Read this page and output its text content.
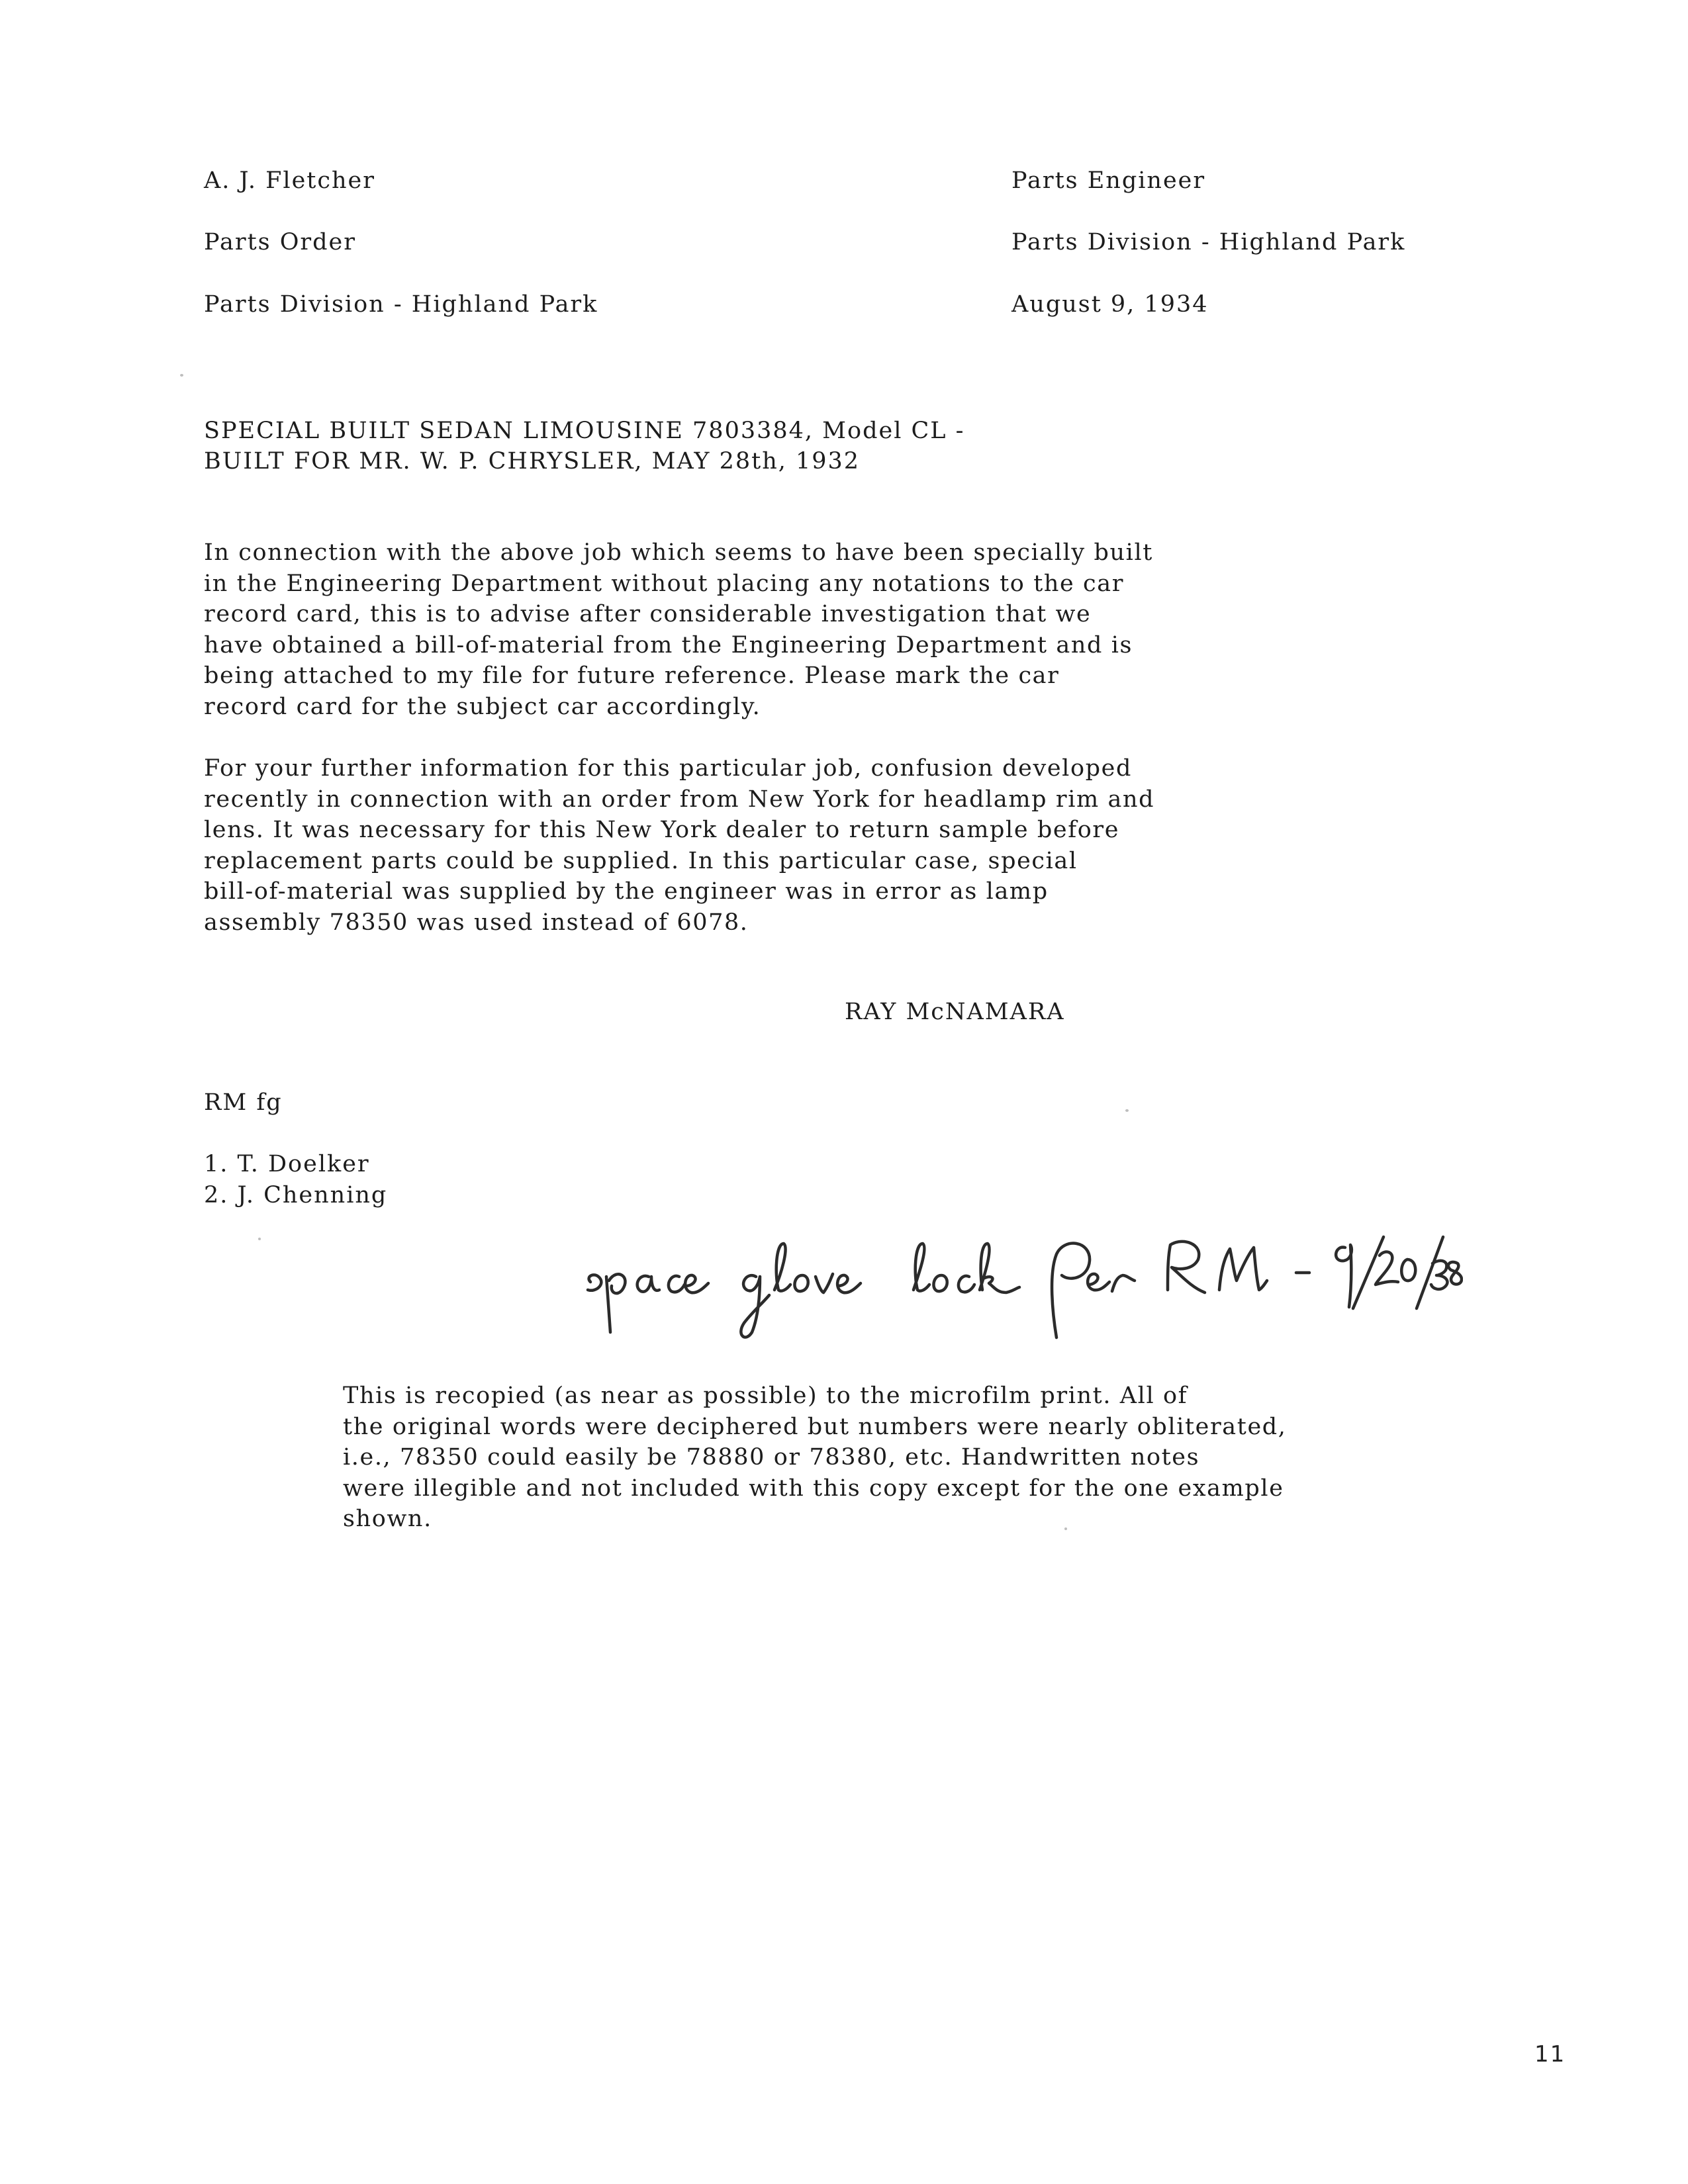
A. J. Fletcher

Parts Order

Parts Division - Highland Park

Parts Engineer

Parts Division - Highland Park

August 9, 1934

SPECIAL BUILT SEDAN LIMOUSINE 7803384, Model CL -

BUILT FOR MR. W. P. CHRYSLER, MAY 28th, 1932

In connection with the above job which seems to have been specially built
in the Engineering Department without placing any notations to the car
record card, this is to advise after considerable investigation that we
have obtained a bill-of-material from the Engineering Department and is
being attached to my file for future reference. Please mark the car
record card for the subject car accordingly.
For your further information for this particular job, confusion developed
recently in connection with an order from New York for headlamp rim and
lens. It was necessary for this New York dealer to return sample before
replacement parts could be supplied. In this particular case, special
bill-of-material was supplied by the engineer was in error as lamp
assembly 78350 was used instead of 6078.

RAY McNAMARA

RM fg

1. T. Doelker

2. J. Chenning

This is recopied (as near as possible) to the microfilm print. All of
the original words were deciphered but numbers were nearly obliterated,
i.e., 78350 could easily be 78880 or 78380, etc. Handwritten notes
were illegible and not included with this copy except for the one example
shown.
11
